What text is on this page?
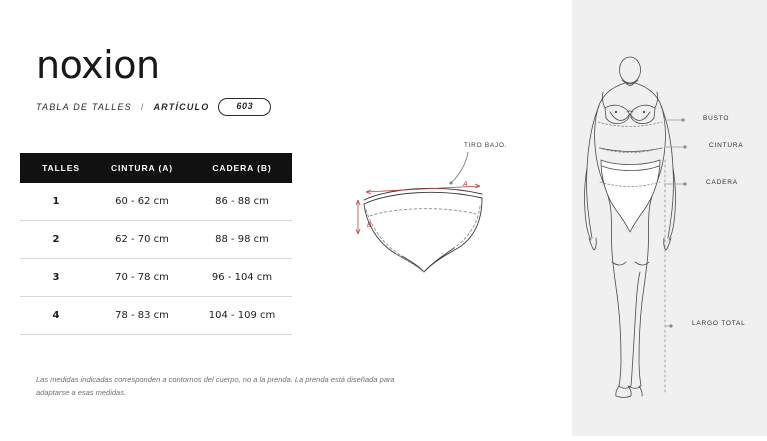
BUSTO
CINTURA
CADERA
LARGO TOTAL
noxion
TABLA DE TALLES / ARTÍCULO	603
TALLES	CINTURA (A)	CADERA (B)
1	60 - 62 cm	86 - 88 cm
2	62 - 70 cm	88 - 98 cm
3	70 - 78 cm	96 - 104 cm
4	78 - 83 cm	104 - 109 cm
Las medidas indicadas corresponden a contornos del cuerpo, no a la prenda. La prenda está diseñada para adaptarse a esas medidas.
TIRO BAJO.
A
B
